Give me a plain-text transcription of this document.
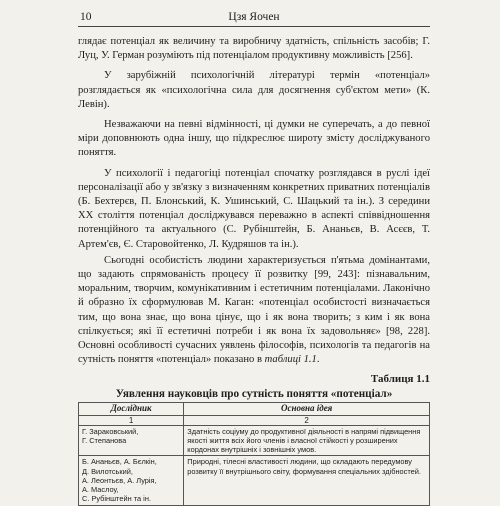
10	Цзя Яочен

глядає потенціал як величину та виробничу здатність, спільність засобів; Г. Луц, У. Герман розуміють під потенціалом продуктивну можливість [256].

У зарубіжній психологічній літературі термін «потенціал» розглядається як «психологічна сила для досягнення суб'єктом мети» (К. Левін).

Незважаючи на певні відмінності, ці думки не суперечать, а до певної міри доповнюють одна іншу, що підкреслює широту змісту досліджуваного поняття.

У психології і педагогіці потенціал спочатку розглядався в руслі ідеї персоналізації або у зв'язку з визначенням конкретних приватних потенціалів (Б. Бехтерєв, П. Блонський, К. Ушинський, С. Шацький та ін.). З середини XX століття потенціал досліджувався переважно в аспекті співвідношення потенційного та актуального (С. Рубінштейн, Б. Ананьєв, В. Асєєв, Т. Артем'єв, Є. Старовойтенко, Л. Кудряшов та ін.).

Сьогодні особистість людини характеризується п'ятьма домінантами, що задають спрямованість процесу її розвитку [99, 243]: пізнавальним, моральним, творчим, комунікативним і естетичним потенціалами. Лаконічно й образно їх сформулював М. Каган: «потенціал особистості визначається тим, що вона знає, що вона цінує, що і як вона творить; з ким і як вона спілкується; які її естетичні потреби і як вона їх задовольняє» [98, 228]. Основні особливості сучасних уявлень філософів, психологів та педагогів на сутність поняття «потенціал» показано в таблиці 1.1.

Таблиця 1.1
Уявлення науковців про сутність поняття «потенціал»
Дослідник	Основна ідея
1	2

Г. Зараковський,
Г. Степанова	Здатність соціуму до продуктивної діяльності в напрямі підвищення якості життя всіх його членів і власної стійкості у розширених кордонах внутрішніх і зовнішніх умов.

Б. Ананьєв, А. Бєлкін,
Д. Вилотський,
А. Леонтьєв, А. Лурія,
А. Маслоу,
С. Рубінштейн та ін.	Природні, тілесні властивості людини, що складають передумову розвитку її внутрішнього світу, формування спеціальних здібностей.
